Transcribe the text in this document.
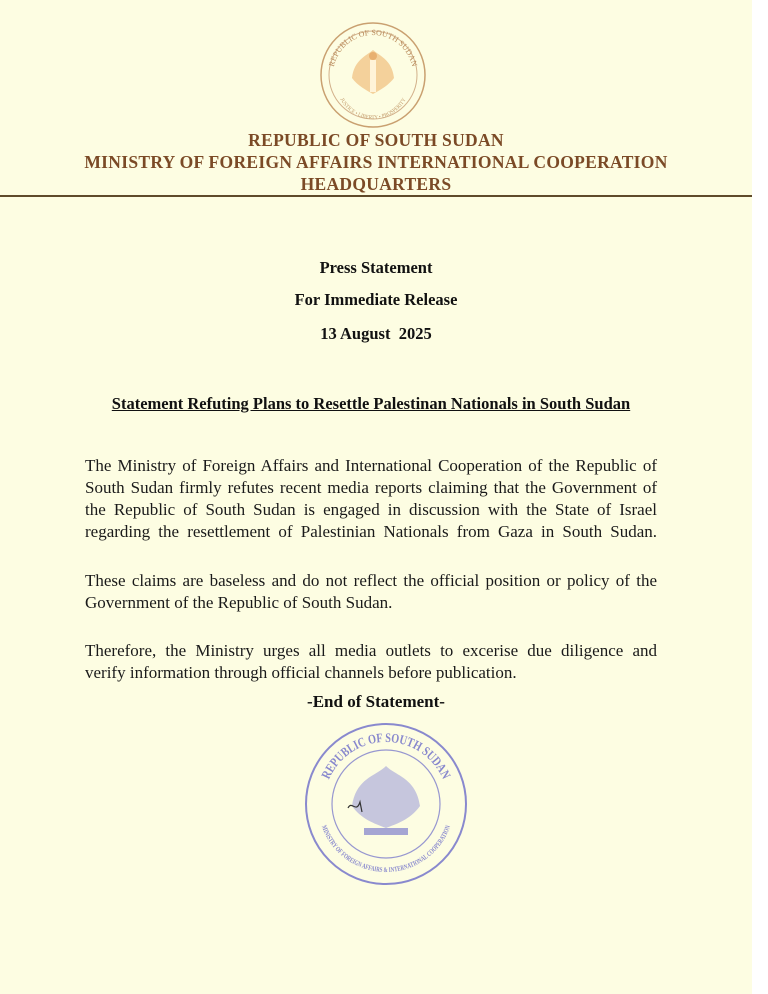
REPUBLIC OF SOUTH SUDAN
JUSTICE • LIBERTY • PROSPERITY
REPUBLIC OF SOUTH SUDAN
MINISTRY OF FOREIGN AFFAIRS INTERNATIONAL COOPERATION
HEADQUARTERS
Press Statement
For Immediate Release
13 August  2025
Statement Refuting Plans to Resettle Palestinan Nationals in South Sudan
The Ministry of Foreign Affairs and International Cooperation of the Republic of
South Sudan firmly refutes recent media reports claiming that the Government of
the Republic of South Sudan is engaged in discussion with the State of Israel
regarding the resettlement of Palestinian Nationals from Gaza in South Sudan.
These claims are baseless and do not reflect the official position or policy of the
Government of the Republic of South Sudan.
Therefore, the Ministry urges all media outlets to excerise due diligence and
verify information through official channels before publication.
-End of Statement-
REPUBLIC OF SOUTH SUDAN
MINISTRY OF FOREIGN AFFAIRS & INTERNATIONAL COOPERATION
